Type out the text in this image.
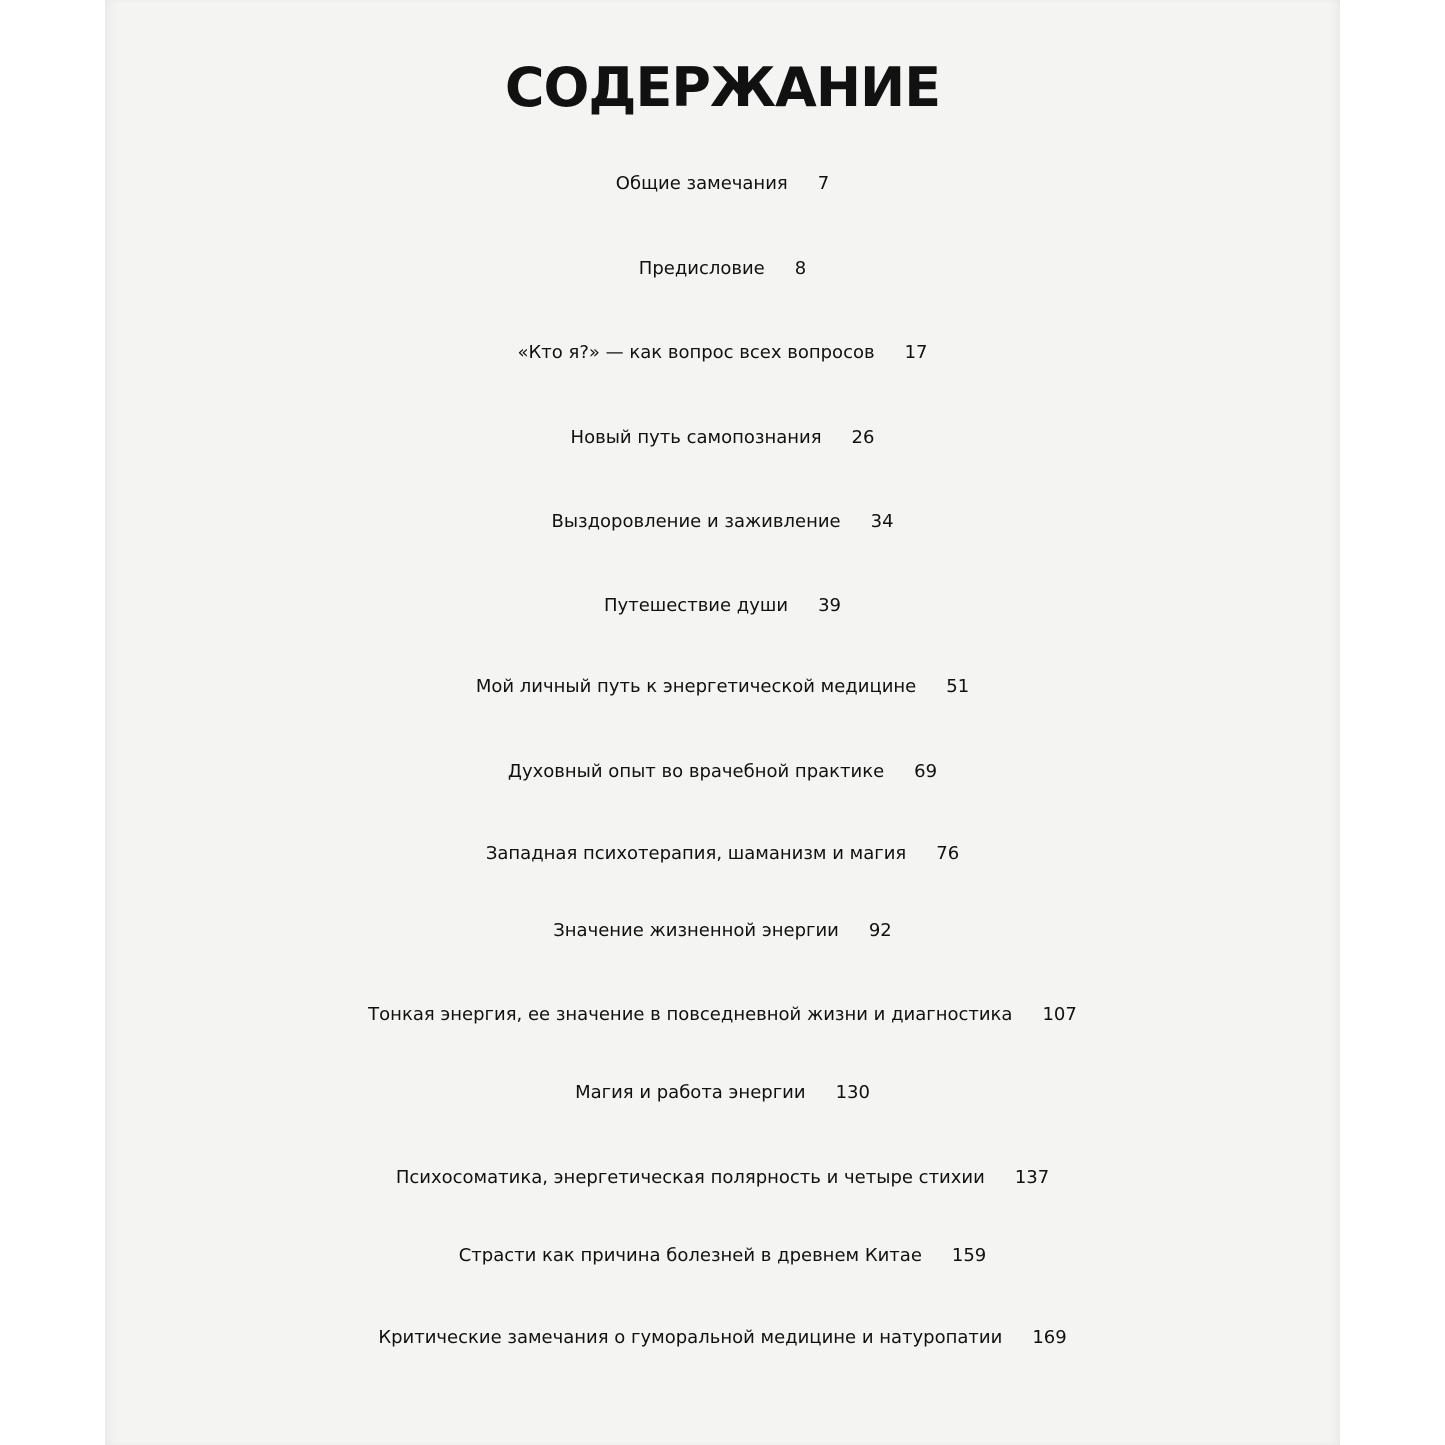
СОДЕРЖАНИЕ
Общие замечания 7
Предисловие 8
«Кто я?» — как вопрос всех вопросов 17
Новый путь самопознания 26
Выздоровление и заживление 34
Путешествие души 39
Мой личный путь к энергетической медицине 51
Духовный опыт во врачебной практике 69
Западная психотерапия, шаманизм и магия 76
Значение жизненной энергии 92
Тонкая энергия, ее значение в повседневной жизни и диагностика 107
Магия и работа энергии 130
Психосоматика, энергетическая полярность и четыре стихии 137
Страсти как причина болезней в древнем Китае 159
Критические замечания о гуморальной медицине и натуропатии 169
